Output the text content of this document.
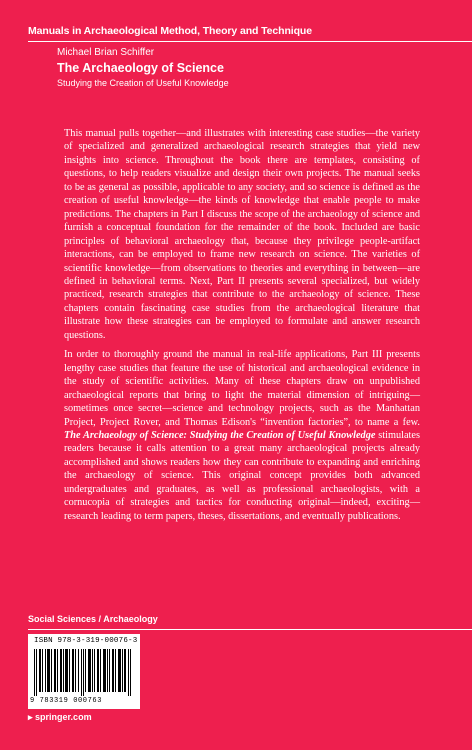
Manuals in Archaeological Method, Theory and Technique
Michael Brian Schiffer
The Archaeology of Science
Studying the Creation of Useful Knowledge

This manual pulls together—and illustrates with interesting case studies—the variety of specialized and generalized archaeological research strategies that yield new insights into science. Throughout the book there are templates, consisting of questions, to help readers visualize and design their own projects. The manual seeks to be as general as possible, applicable to any society, and so science is defined as the creation of useful knowledge—the kinds of knowledge that enable people to make predictions. The chapters in Part I discuss the scope of the archaeology of science and furnish a conceptual foundation for the remainder of the book. Included are basic principles of behavioral archaeology that, because they privilege people-artifact interactions, can be employed to frame new research on science. The varieties of scientific knowledge—from observations to theories and everything in between—are defined in behavioral terms. Next, Part II presents several specialized, but widely practiced, research strategies that contribute to the archaeology of science. These chapters contain fascinating case studies from the archaeological literature that illustrate how these strategies can be employed to formulate and answer research questions.

In order to thoroughly ground the manual in real-life applications, Part III presents lengthy case studies that feature the use of historical and archaeological evidence in the study of scientific activities. Many of these chapters draw on unpublished archaeological reports that bring to light the material dimension of intriguing—sometimes once secret—science and technology projects, such as the Manhattan Project, Project Rover, and Thomas Edison's “invention factories”, to name a few. The Archaeology of Science: Studying the Creation of Useful Knowledge stimulates readers because it calls attention to a great many archaeological projects already accomplished and shows readers how they can contribute to expanding and enriching the archaeology of science. This original concept provides both advanced undergraduates and graduates, as well as professional archaeologists, with a cornucopia of strategies and tactics for conducting original—indeed, exciting—research leading to term papers, theses, dissertations, and eventually publications.

Social Sciences / Archaeology
ISBN 978-3-319-00076-3
9 783319 000763
▸ springer.com
